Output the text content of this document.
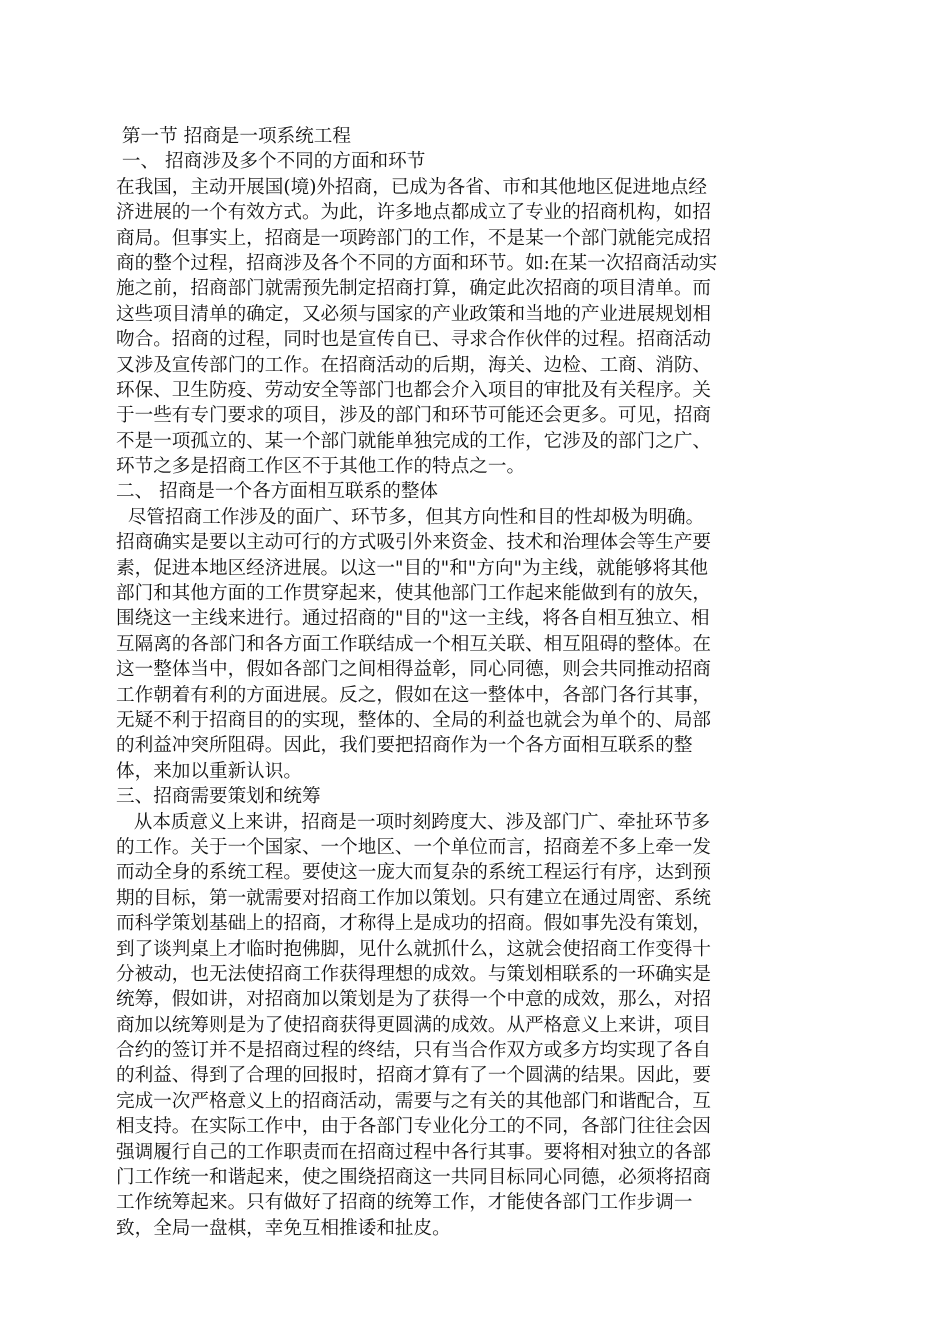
第一节 招商是一项系统工程
一、 招商涉及多个不同的方面和环节
在我国，主动开展国(境)外招商，已成为各省、市和其他地区促进地点经
济进展的一个有效方式。为此，许多地点都成立了专业的招商机构，如招
商局。但事实上，招商是一项跨部门的工作，不是某一个部门就能完成招
商的整个过程，招商涉及各个不同的方面和环节。如:在某一次招商活动实
施之前，招商部门就需预先制定招商打算，确定此次招商的项目清单。而
这些项目清单的确定，又必须与国家的产业政策和当地的产业进展规划相
吻合。招商的过程，同时也是宣传自已、寻求合作伙伴的过程。招商活动
又涉及宣传部门的工作。在招商活动的后期，海关、边检、工商、消防、
环保、卫生防疫、劳动安全等部门也都会介入项目的审批及有关程序。关
于一些有专门要求的项目，涉及的部门和环节可能还会更多。可见，招商
不是一项孤立的、某一个部门就能单独完成的工作，它涉及的部门之广、
环节之多是招商工作区不于其他工作的特点之一。
二、 招商是一个各方面相互联系的整体
尽管招商工作涉及的面广、环节多，但其方向性和目的性却极为明确。
招商确实是要以主动可行的方式吸引外来资金、技术和治理体会等生产要
素，促进本地区经济进展。以这一"目的"和"方向"为主线，就能够将其他
部门和其他方面的工作贯穿起来，使其他部门工作起来能做到有的放矢，
围绕这一主线来进行。通过招商的"目的"这一主线，将各自相互独立、相
互隔离的各部门和各方面工作联结成一个相互关联、相互阻碍的整体。在
这一整体当中，假如各部门之间相得益彰，同心同德，则会共同推动招商
工作朝着有利的方面进展。反之，假如在这一整体中，各部门各行其事，
无疑不利于招商目的的实现，整体的、全局的利益也就会为单个的、局部
的利益冲突所阻碍。因此，我们要把招商作为一个各方面相互联系的整
体，来加以重新认识。
三、招商需要策划和统筹
从本质意义上来讲，招商是一项时刻跨度大、涉及部门广、牵扯环节多
的工作。关于一个国家、一个地区、一个单位而言，招商差不多上牵一发
而动全身的系统工程。要使这一庞大而复杂的系统工程运行有序，达到预
期的目标，第一就需要对招商工作加以策划。只有建立在通过周密、系统
而科学策划基础上的招商，才称得上是成功的招商。假如事先没有策划，
到了谈判桌上才临时抱佛脚，见什么就抓什么，这就会使招商工作变得十
分被动，也无法使招商工作获得理想的成效。与策划相联系的一环确实是
统筹，假如讲，对招商加以策划是为了获得一个中意的成效，那么，对招
商加以统筹则是为了使招商获得更圆满的成效。从严格意义上来讲，项目
合约的签订并不是招商过程的终结，只有当合作双方或多方均实现了各自
的利益、得到了合理的回报时，招商才算有了一个圆满的结果。因此，要
完成一次严格意义上的招商活动，需要与之有关的其他部门和谐配合，互
相支持。在实际工作中，由于各部门专业化分工的不同，各部门往往会因
强调履行自己的工作职责而在招商过程中各行其事。要将相对独立的各部
门工作统一和谐起来，使之围绕招商这一共同目标同心同德，必须将招商
工作统筹起来。只有做好了招商的统筹工作，才能使各部门工作步调一
致，全局一盘棋，幸免互相推诿和扯皮。
